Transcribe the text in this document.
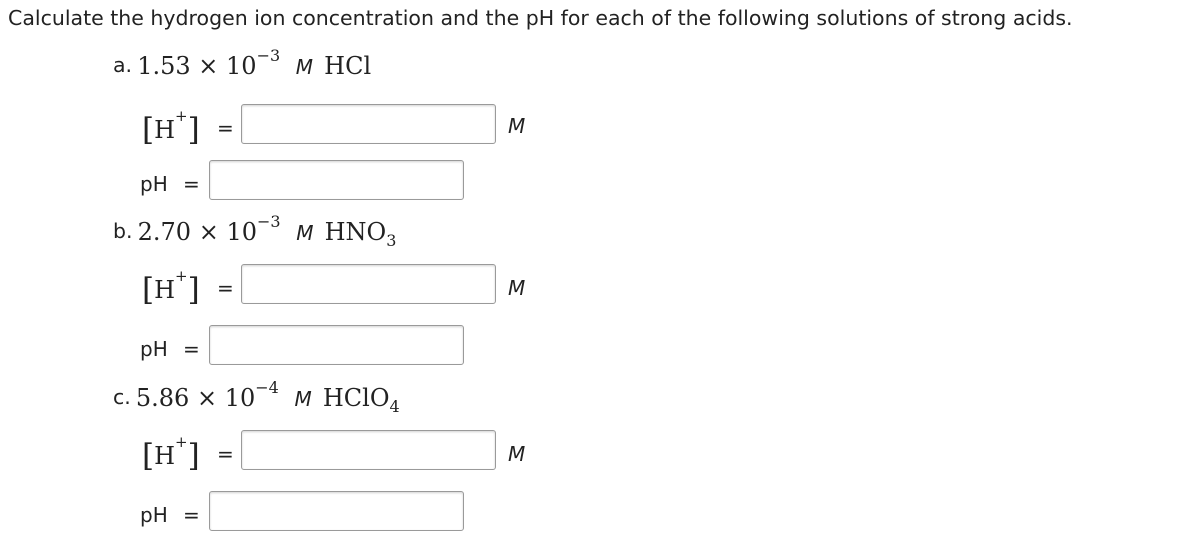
Calculate the hydrogen ion concentration and the pH for each of the following solutions of strong acids.
a. $1.53 \times 10^{-3}$ M HCl
[H+] =	M
pH =
b. $2.70 \times 10^{-3}$ M $HNO_3$
[H+] =	M
pH =
c. $5.86 \times 10^{-4}$ M HClO$_4$
[H+] =	M
pH =
